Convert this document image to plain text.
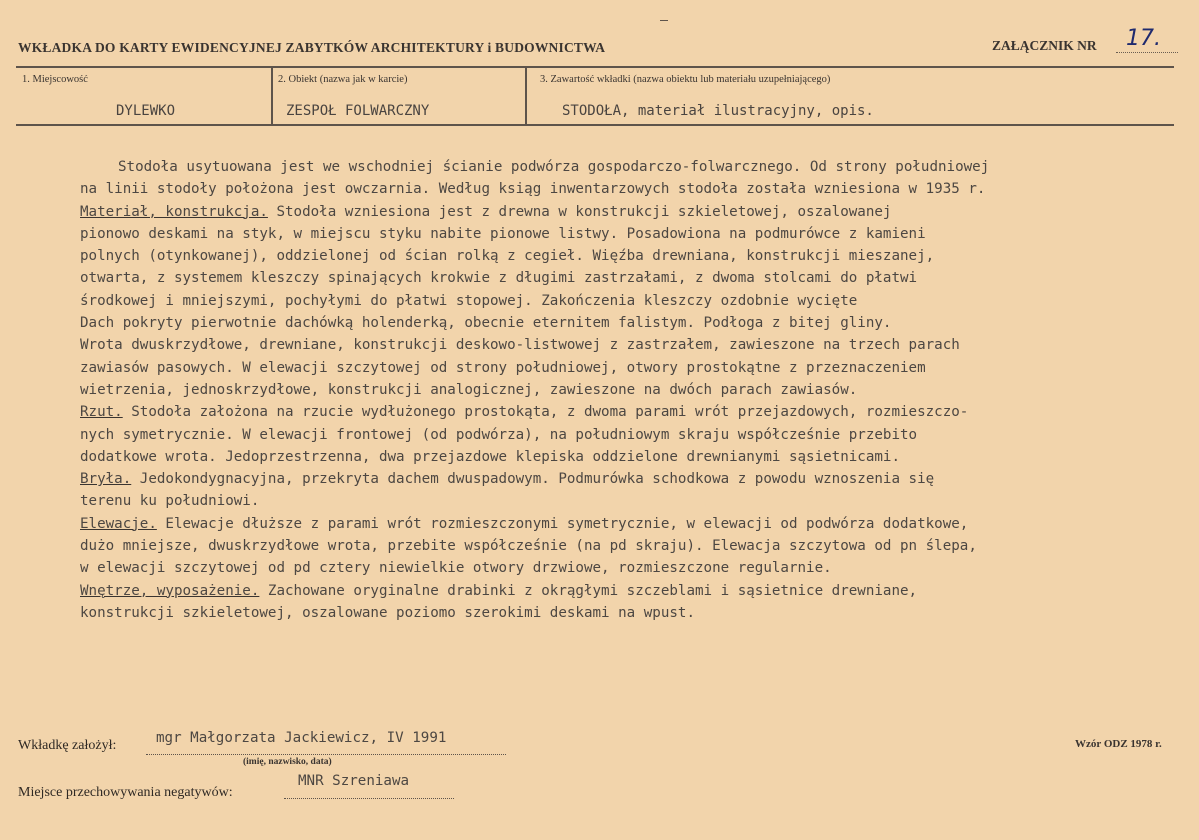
WKŁADKA DO KARTY EWIDENCYJNEJ ZABYTKÓW ARCHITEKTURY i BUDOWNICTWA	ZAŁĄCZNIK NR 17.
1. Miejscowość
DYLEWKO
2. Obiekt (nazwa jak w karcie)
ZESPOŁ FOLWARCZNY
3. Zawartość wkładki (nazwa obiektu lub materiału uzupełniającego)
STODOŁA, materiał ilustracyjny, opis.
Stodoła usytuowana jest we wschodniej ścianie podwórza gospodarczo-folwarcznego. Od strony południowej
na linii stodoły położona jest owczarnia. Według ksiąg inwentarzowych stodoła została wzniesiona w 1935 r.
Materiał, konstrukcja. Stodoła wzniesiona jest z drewna w konstrukcji szkieletowej, oszalowanej
pionowo deskami na styk, w miejscu styku nabite pionowe listwy. Posadowiona na podmurówce z kamieni
polnych (otynkowanej), oddzielonej od ścian rolką z cegieł. Więźba drewniana, konstrukcji mieszanej,
otwarta, z systemem kleszczy spinających krokwie z długimi zastrzałami, z dwoma stolcami do płatwi
środkowej i mniejszymi, pochyłymi do płatwi stopowej. Zakończenia kleszczy ozdobnie wycięte
Dach pokryty pierwotnie dachówką holenderką, obecnie eternitem falistym. Podłoga z bitej gliny.
Wrota dwuskrzydłowe, drewniane, konstrukcji deskowo-listwowej z zastrzałem, zawieszone na trzech parach
zawiasów pasowych. W elewacji szczytowej od strony południowej, otwory prostokątne z przeznaczeniem
wietrzenia, jednoskrzydłowe, konstrukcji analogicznej, zawieszone na dwóch parach zawiasów.
Rzut. Stodoła założona na rzucie wydłużonego prostokąta, z dwoma parami wrót przejazdowych, rozmieszczo-
nych symetrycznie. W elewacji frontowej (od podwórza), na południowym skraju współcześnie przebito
dodatkowe wrota. Jedoprzestrzenna, dwa przejazdowe klepiska oddzielone drewnianymi sąsietnicami.
Bryła. Jedokondygnacyjna, przekryta dachem dwuspadowym. Podmurówka schodkowa z powodu wznoszenia się
terenu ku południowi.
Elewacje. Elewacje dłuższe z parami wrót rozmieszczonymi symetrycznie, w elewacji od podwórza dodatkowe,
dużo mniejsze, dwuskrzydłowe wrota, przebite współcześnie (na pd skraju). Elewacja szczytowa od pn ślepa,
w elewacji szczytowej od pd cztery niewielkie otwory drzwiowe, rozmieszczone regularnie.
Wnętrze, wyposażenie. Zachowane oryginalne drabinki z okrągłymi szczeblami i sąsietnice drewniane,
konstrukcji szkieletowej, oszalowane poziomo szerokimi deskami na wpust.
Wkładkę założył:	mgr Małgorzata Jackiewicz, IV 1991
(imię, nazwisko, data)
Miejsce przechowywania negatywów:
MNR Szreniawa
Wzór ODZ 1978 r.
